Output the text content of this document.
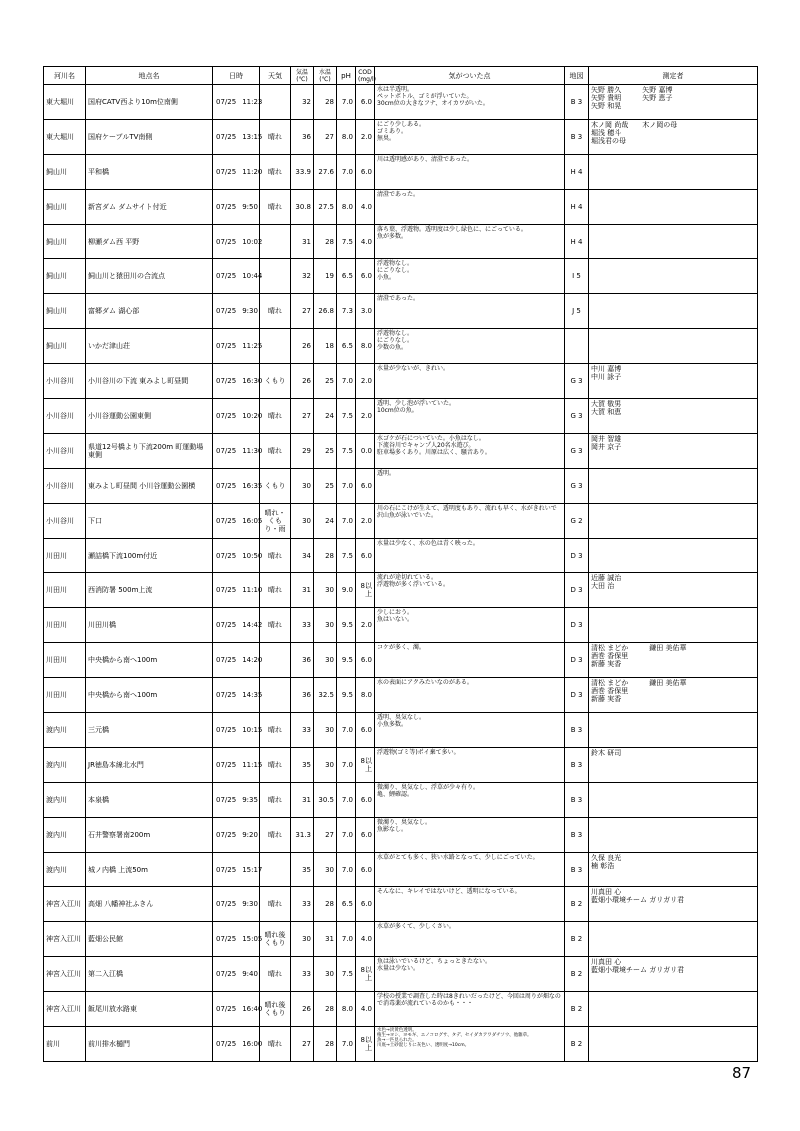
河川名	地点名	日時	天気	気温
(℃)	水温
(℃)	pH	COD
(mg/l)	気がついた点	地図	測定者
東大堀川	国府CATV西より10m位南側	07/25 11:23		32	28	7.0	6.0	水は半透明。
ペットボトル、ゴミが浮いていた。
30cm位の大きなフナ、オイカワがいた。	B 3	矢野 勝久　　　矢野 嘉博
矢野 貴明　　　矢野 恵子
矢野 和晃
東大堀川	国府ケーブルTV南側	07/25 13:15	晴れ	36	27	8.0	2.0	にごり少しある。
ゴミあり。
無臭。	B 3	木ノ岡 尚哉　　木ノ岡の母
堀浅 穂斗
堀浅君の母
飼山川	平和橋	07/25 11:20	晴れ	33.9	27.6	7.0	6.0	川は透明感があり、清澄であった。	H 4	
飼山川	新宮ダム ダムサイト付近	07/25 9:50	晴れ	30.8	27.5	8.0	4.0	清澄であった。	H 4	
飼山川	柳瀬ダム西 平野	07/25 10:02		31	28	7.5	4.0	落ち葉、浮遊物。透明度は少し緑色に、にごっている。
魚が多数。	H 4	
飼山川	飼山川と猿田川の合流点	07/25 10:44		32	19	6.5	6.0	浮遊物なし。
にごりなし。
小魚。	I 5	
飼山川	富郷ダム 湖心部	07/25 9:30	晴れ	27	26.8	7.3	3.0	清澄であった。	J 5	
飼山川	いかだ津山荘	07/25 11:25		26	18	6.5	8.0	浮遊物なし。
にごりなし。
少数の魚。		
小川谷川	小川谷川の下流 東みよし町昼間	07/25 16:30	くもり	26	25	7.0	2.0	水量が少ないが、きれい。	G 3	中川 嘉博
中川 詠子
小川谷川	小川谷運動公園東側	07/25 10:20	晴れ	27	24	7.5	2.0	透明、少し泡が浮いていた。
10cm位の魚。	G 3	大賀 敬男
大賀 和恵
小川谷川	県道12号橋より下流200m 町運動場東側	07/25 11:30	晴れ	29	25	7.5	0.0	水ゴケが石についていた。小魚はなし。
下流谷川でキャンプ人20名水遊び。
駐車場多くあり。川原は広く、騒音あり。	G 3	岡井 智雄
岡井 京子
小川谷川	東みよし町昼間 小川谷運動公園横	07/25 16:35	くもり	30	25	7.0	6.0	透明。	G 3	
小川谷川	下口	07/25 16:05	晴れ・くもり・雨	30	24	7.0	2.0	川の石にこけが生えて、透明度もあり、流れも早く、水がきれいで沢山魚が泳いでいた。	G 2	
川田川	瀬詰橋下流100m付近	07/25 10:50	晴れ	34	28	7.5	6.0	水量は少なく、水の色は青く映った。	D 3	
川田川	西消防署 500m上流	07/25 11:10	晴れ	31	30	9.0	8以上	流れが途切れている。
浮遊物が多く浮いている。	D 3	近藤 誠治
大田 治
川田川	川田川橋	07/25 14:42	晴れ	33	30	9.5	2.0	少しにおう。
魚はいない。	D 3	
川田川	中央橋から南へ100m	07/25 14:20		36	30	9.5	6.0	コケが多く、濁。	D 3	清松 まどか　　　鎌田 美佑華
酒巻 香保里
新藤 実香
川田川	中央橋から南へ100m	07/25 14:35		36	32.5	9.5	8.0	水の表面にアクみたいなのがある。	D 3	清松 まどか　　　鎌田 美佑華
酒巻 香保里
新藤 実香
渡内川	三元橋	07/25 10:15	晴れ	33	30	7.0	6.0	透明、臭気なし。
小魚多数。	B 3	
渡内川	JR徳島本線北水門	07/25 11:15	晴れ	35	30	7.0	8以上	浮遊物(ゴミ等)ポイ棄て多い。	B 3	鈴木 研司
渡内川	本泉橋	07/25 9:35	晴れ	31	30.5	7.0	6.0	微濁り、臭気なし、浮草が少々有り。
亀、鯉確認。	B 3	
渡内川	石井警察署南200m	07/25 9:20	晴れ	31.3	27	7.0	6.0	微濁り、臭気なし。
魚影なし。	B 3	
渡内川	城ノ内橋 上流50m	07/25 15:17		35	30	7.0	6.0	水草がとても多く、狭い水路となって、少しにごっていた。	B 3	久保 良光
楠 彰浩
神宮入江川	高畑 八幡神社ふきん	07/25 9:30	晴れ	33	28	6.5	6.0	そんなに、キレイではないけど、透明になっている。	B 2	川真田 心
藍畑小環境チーム ガリガリ君
神宮入江川	藍畑公民館	07/25 15:05	晴れ後くもり	30	31	7.0	4.0	水草が多くて、少しくさい。	B 2	
神宮入江川	第二入江橋	07/25 9:40	晴れ	33	30	7.5	8以上	魚は泳いでいるけど、ちょっときたない。
水量は少ない。	B 2	川真田 心
藍畑小環境チーム ガリガリ君
神宮入江川	飯尾川放水路東	07/25 16:40	晴れ後くもり	26	28	8.0	4.0	学校の授業で調査した時は8きれいだったけど、今回は周りが畑なので消毒薬が流れているのかも・・・	B 2	
前川	前川排水樋門	07/25 16:00	晴れ	27	28	7.0	8以上	水色→淡黄色透明。
植生→ヨシ、ヨモギ、エノコログサ、タデ、セイダカアワダチソウ、他雑草。
魚→一匹見られた。
川底→土砂混じりに灰色い、透明度→10cm。	B 2	
87
